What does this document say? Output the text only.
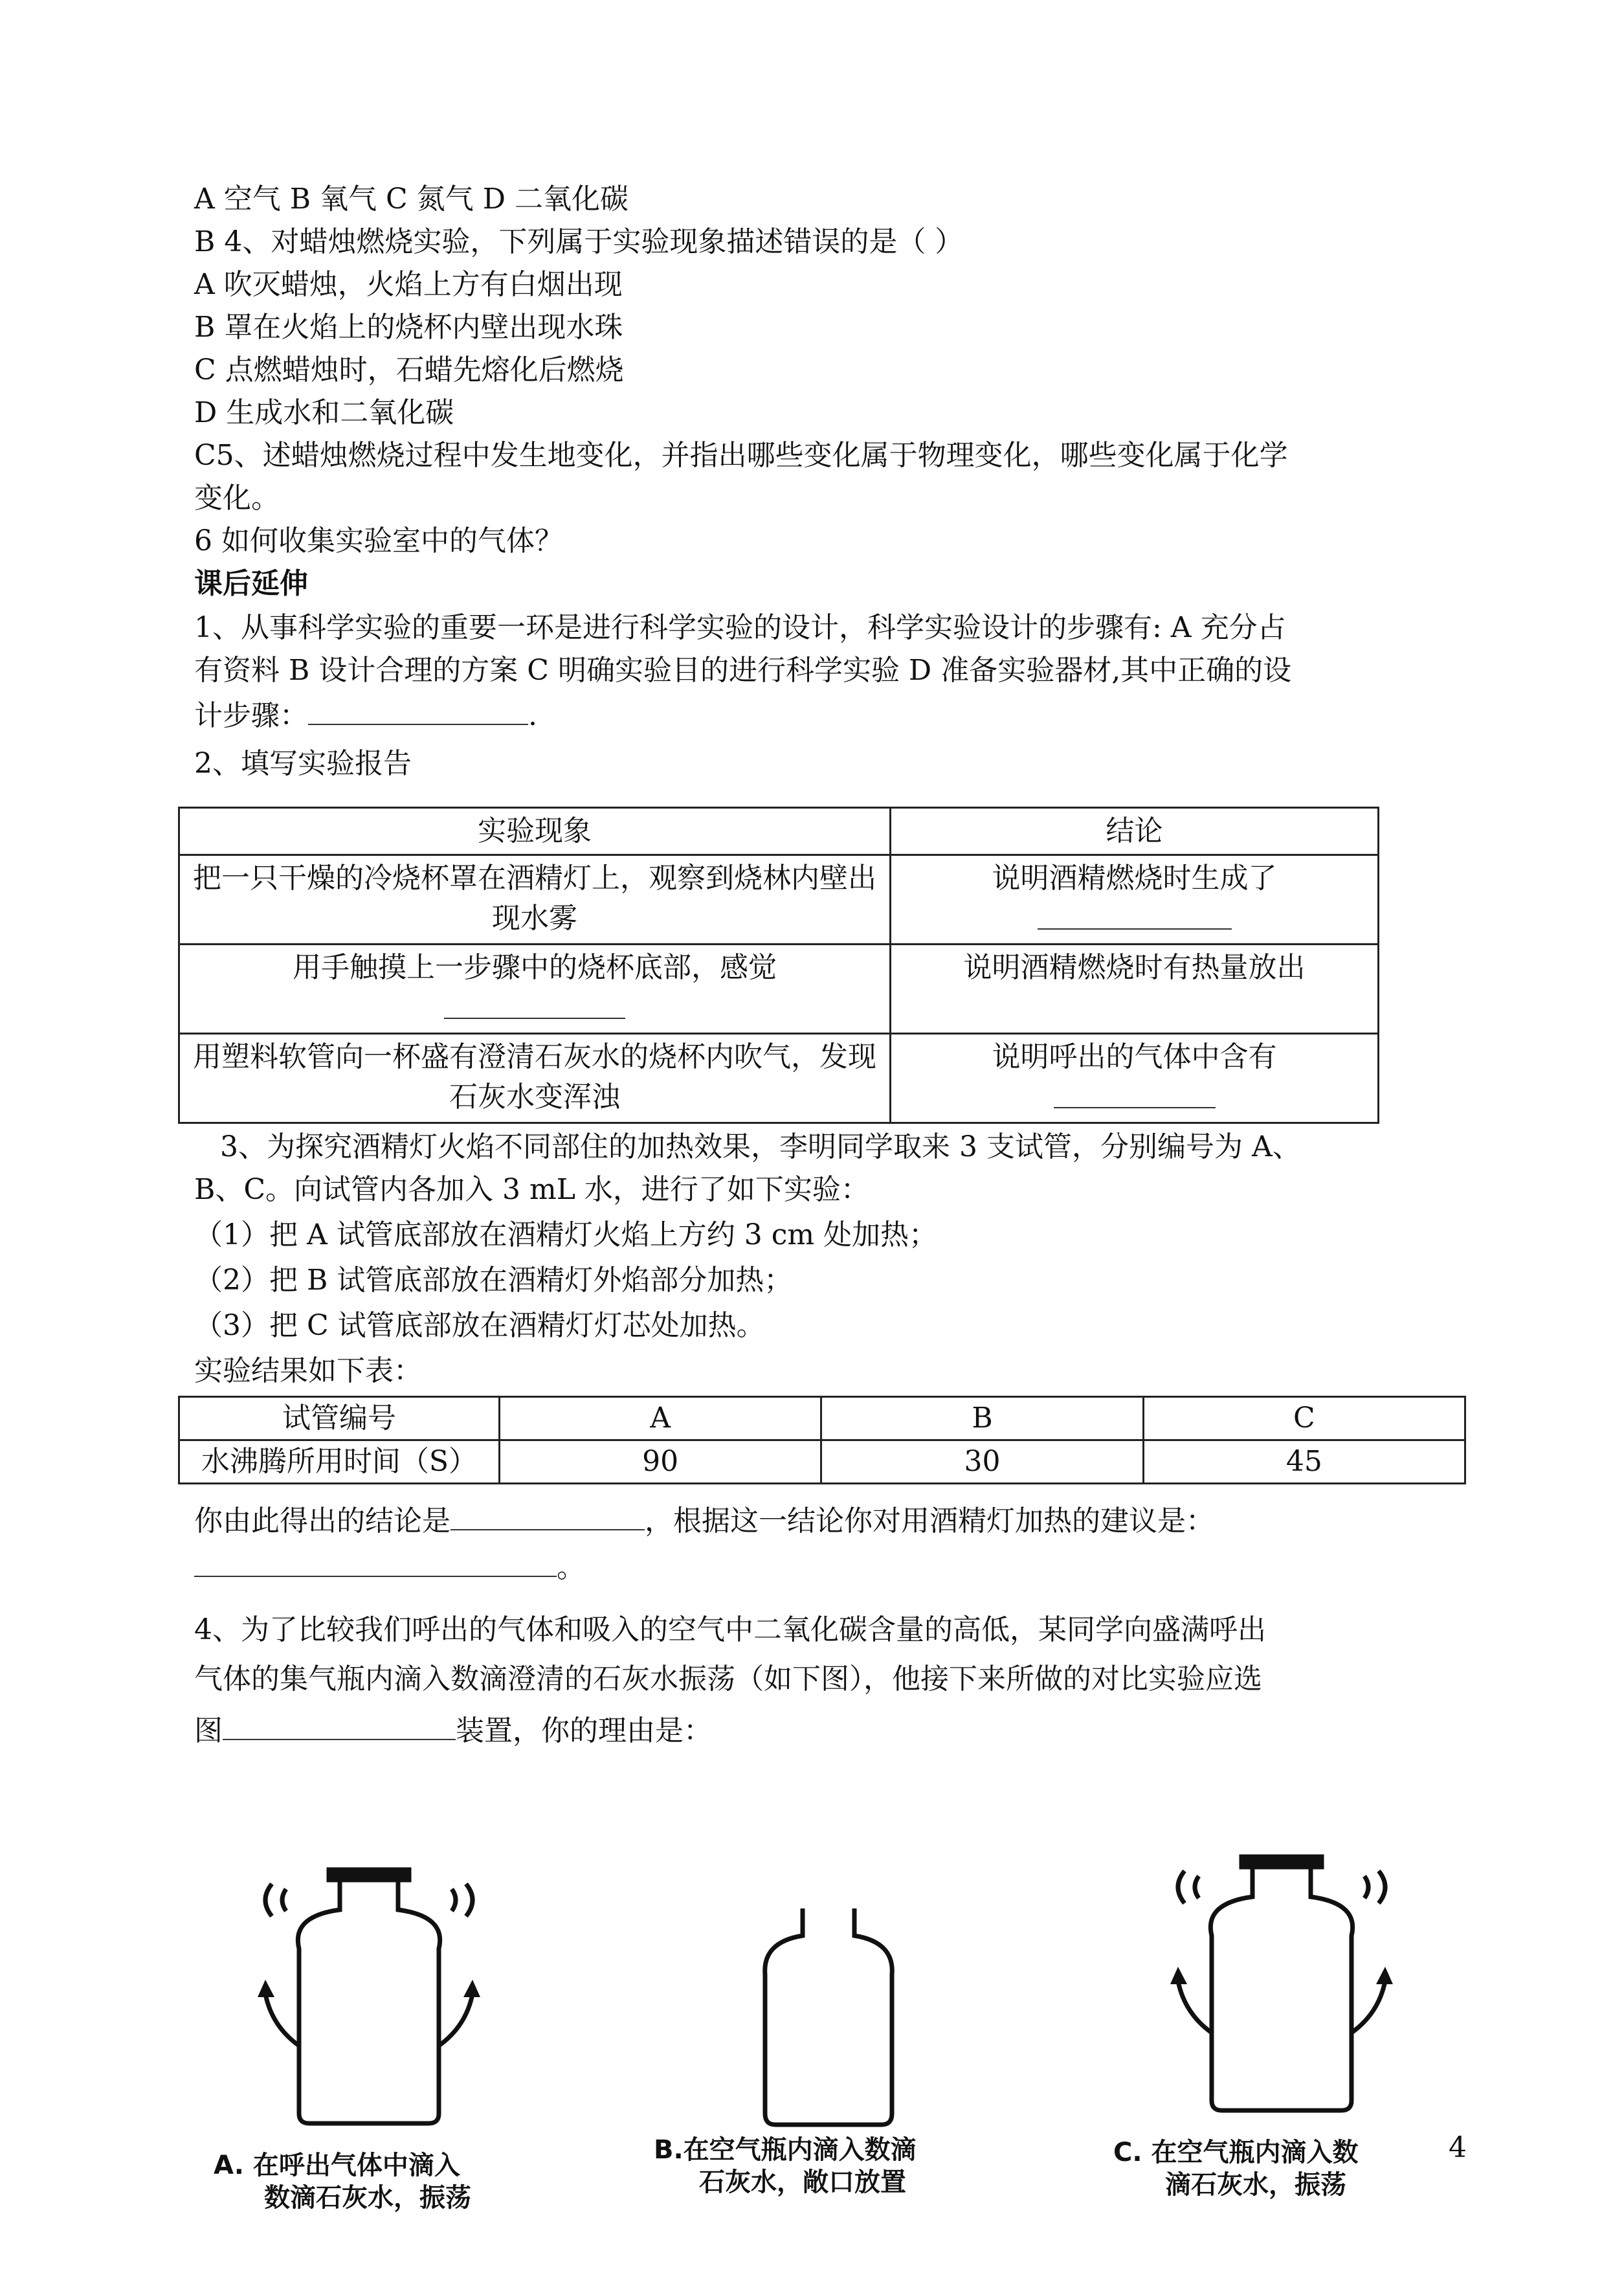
A 空气 B 氧气 C 氮气 D 二氧化碳
B 4、对蜡烛燃烧实验，下列属于实验现象描述错误的是（ ）
A 吹灭蜡烛，火焰上方有白烟出现
B 罩在火焰上的烧杯内壁出现水珠
C 点燃蜡烛时，石蜡先熔化后燃烧
D 生成水和二氧化碳
C5、述蜡烛燃烧过程中发生地变化，并指出哪些变化属于物理变化，哪些变化属于化学
变化。
6 如何收集实验室中的气体？
课后延伸
1、从事科学实验的重要一环是进行科学实验的设计，科学实验设计的步骤有: A 充分占
有资料 B 设计合理的方案 C 明确实验目的进行科学实验 D 准备实验器材,其中正确的设
计步骤：	.
2、填写实验报告
实验现象	结论
把一只干燥的冷烧杯罩在酒精灯上，观察到烧林内壁出现水雾	说明酒精燃烧时生成了

用手触摸上一步骤中的烧杯底部，感觉	说明酒精燃烧时有热量放出
用塑料软管向一杯盛有澄清石灰水的烧杯内吹气，发现石灰水变浑浊	说明呼出的气体中含有
3、为探究酒精灯火焰不同部住的加热效果，李明同学取来 3 支试管，分别编号为 A、
B、C。向试管内各加入 3 mL 水，进行了如下实验：
（1）把 A 试管底部放在酒精灯火焰上方约 3 cm 处加热；
（2）把 B 试管底部放在酒精灯外焰部分加热；
（3）把 C 试管底部放在酒精灯灯芯处加热。
实验结果如下表：
试管编号	A	B	C
水沸腾所用时间（S）	90	30	45
你由此得出的结论是	，根据这一结论你对用酒精灯加热的建议是：
。
4、为了比较我们呼出的气体和吸入的空气中二氧化碳含量的高低，某同学向盛满呼出
气体的集气瓶内滴入数滴澄清的石灰水振荡（如下图），他接下来所做的对比实验应选
图	装置，你的理由是：
A. 在呼出气体中滴入
数滴石灰水，振荡
B.在空气瓶内滴入数滴
石灰水，敞口放置
C. 在空气瓶内滴入数
滴石灰水，振荡
4
